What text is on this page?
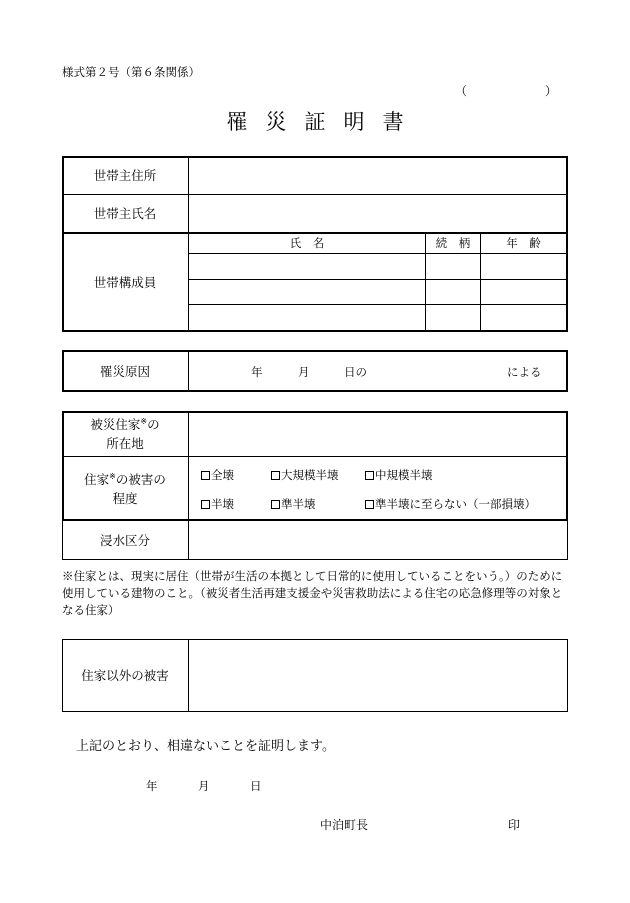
様式第２号（第６条関係）
（	）
罹災証明書
世帯主住所
世帯主氏名
世帯構成員
氏　名	続　柄	年　齢
罹災原因	年	月	日の	による
被災住家※の
所在地
住家※の被害の
程度
全壊	大規模半壊	中規模半壊
半壊	準半壊	準半壊に至らない（一部損壊）
浸水区分
※住家とは、現実に居住（世帯が生活の本拠として日常的に使用していることをいう。）のために使用している建物のこと。（被災者生活再建支援金や災害救助法による住宅の応急修理等の対象となる住家）
住家以外の被害
上記のとおり、相違ないことを証明します。
年	月	日
中泊町長	印
